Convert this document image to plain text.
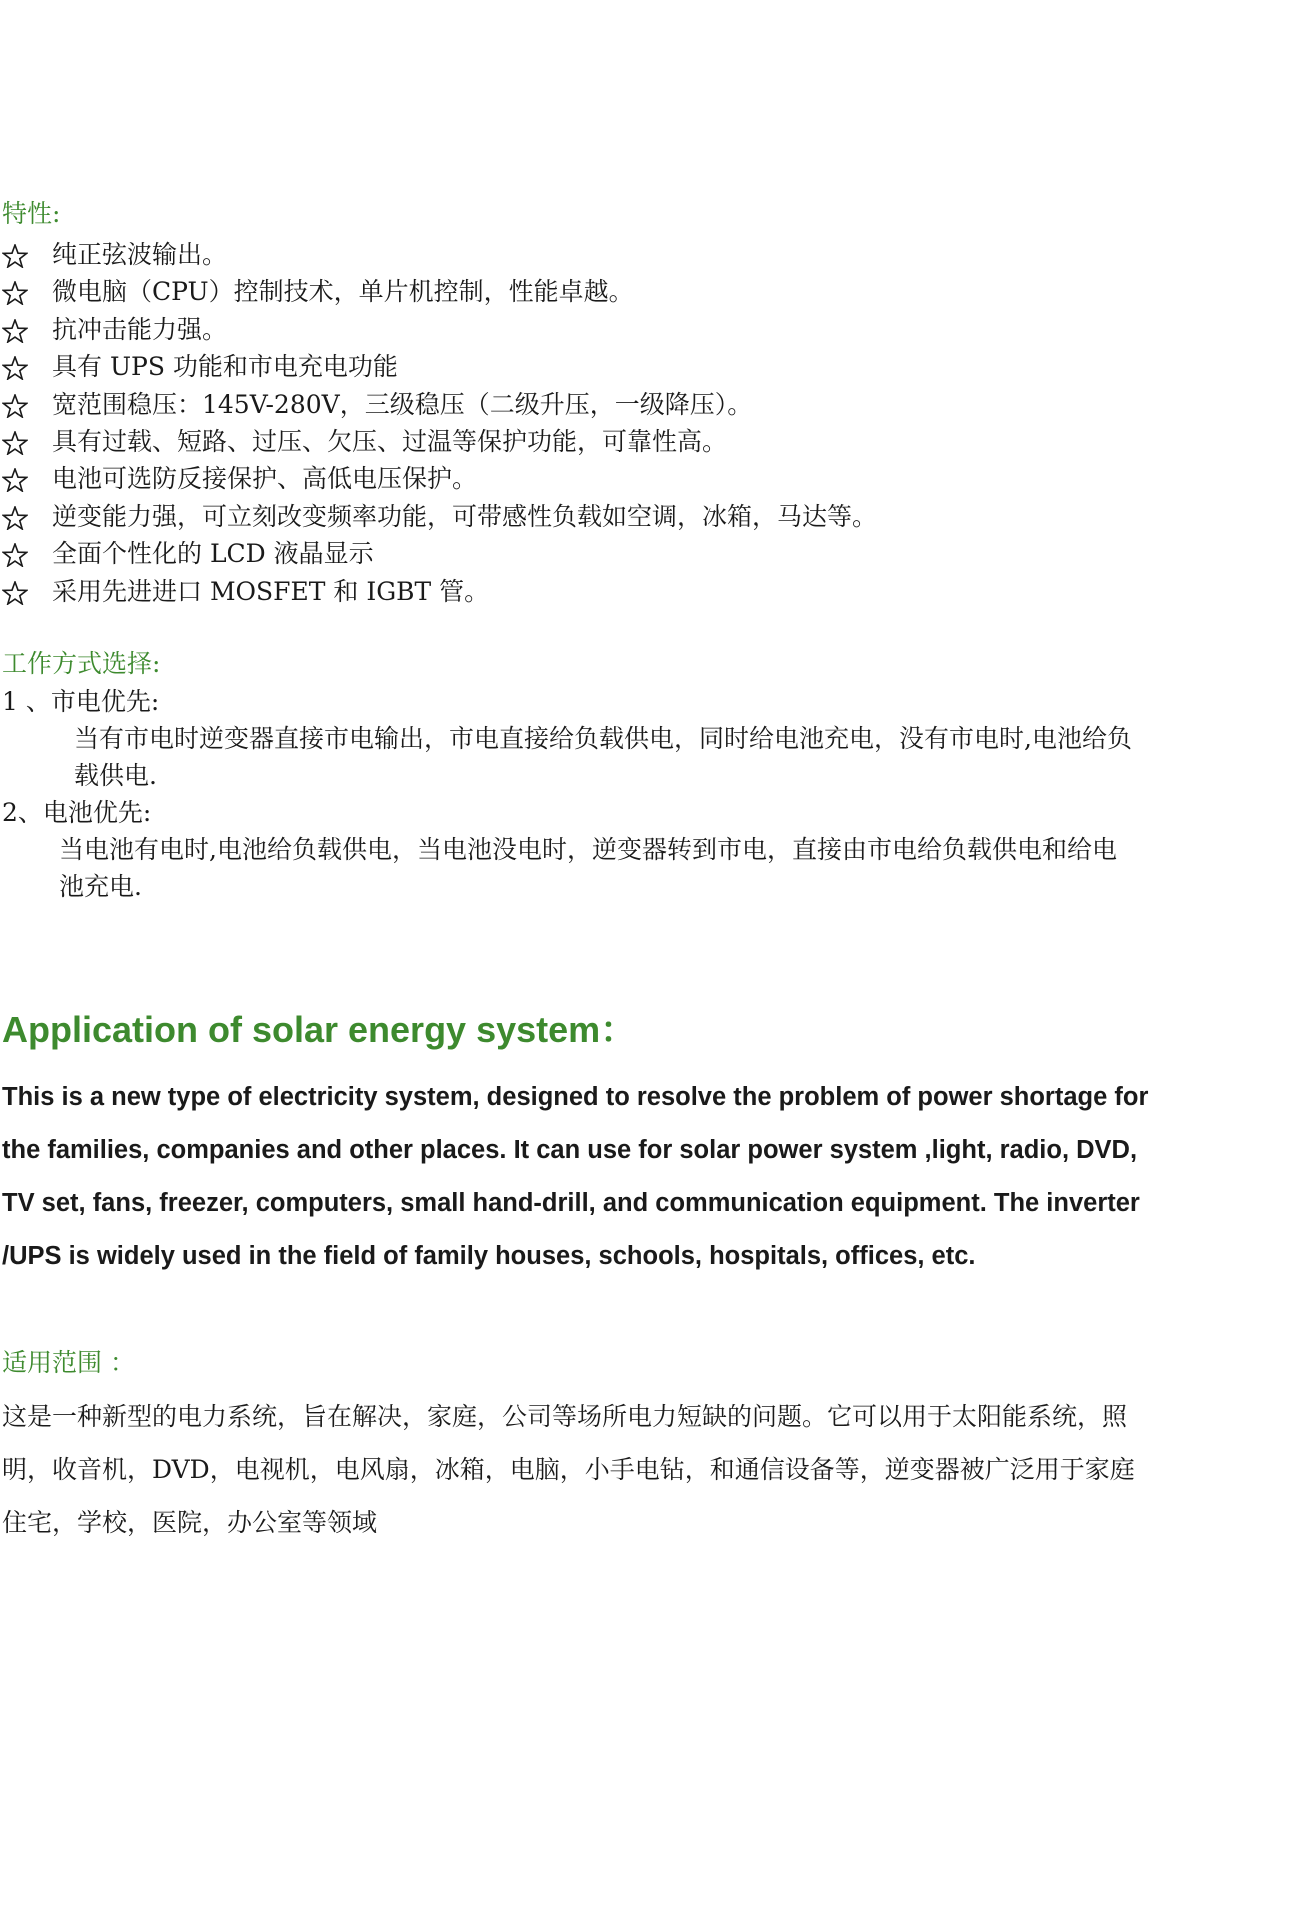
特性:
纯正弦波输出。
微电脑（CPU）控制技术，单片机控制，性能卓越。
抗冲击能力强。
具有 UPS 功能和市电充电功能
宽范围稳压：145V-280V，三级稳压（二级升压，一级降压）。
具有过载、短路、过压、欠压、过温等保护功能，可靠性高。
电池可选防反接保护、高低电压保护。
逆变能力强，可立刻改变频率功能，可带感性负载如空调，冰箱，马达等。
全面个性化的 LCD 液晶显示
采用先进进口 MOSFET 和 IGBT 管。
工作方式选择:
1 、市电优先:
当有市电时逆变器直接市电输出，市电直接给负载供电，同时给电池充电，没有市电时,电池给负
载供电.
2、电池优先:
当电池有电时,电池给负载供电，当电池没电时，逆变器转到市电，直接由市电给负载供电和给电
池充电.
Application of solar energy system：
This is a new type of electricity system, designed to resolve the problem of power shortage for
the families, companies and other places. It can use for solar power system ,light, radio, DVD,
TV set, fans, freezer, computers, small hand-drill, and communication equipment. The inverter
/UPS is widely used in the field of family houses, schools, hospitals, offices, etc.
适用范围 ：
这是一种新型的电力系统，旨在解决，家庭，公司等场所电力短缺的问题。它可以用于太阳能系统，照
明，收音机，DVD，电视机，电风扇，冰箱，电脑，小手电钻，和通信设备等，逆变器被广泛用于家庭
住宅，学校，医院，办公室等领域
